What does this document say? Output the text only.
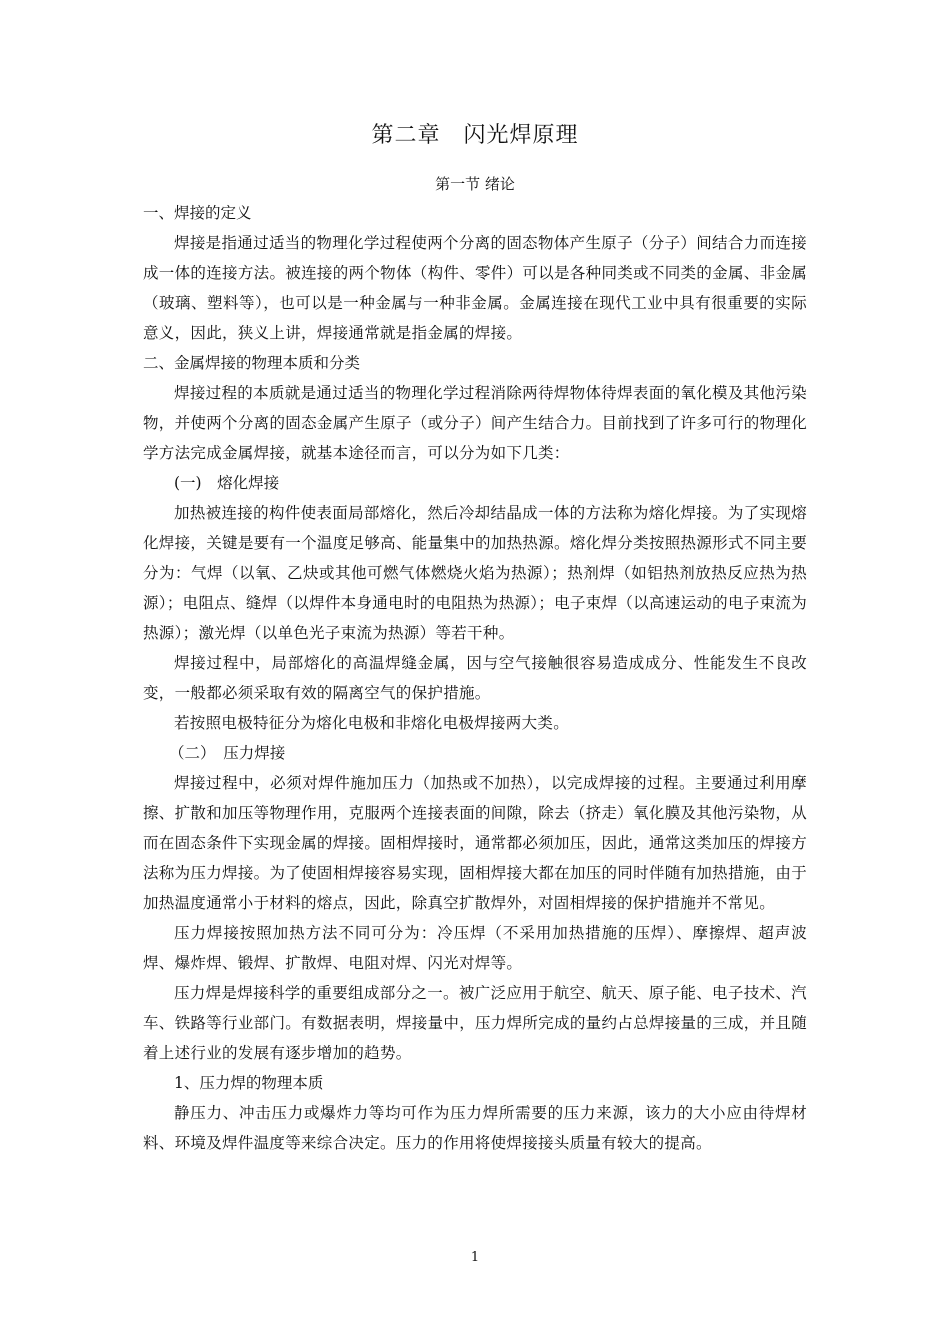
第二章　闪光焊原理
第一节 绪论

一、焊接的定义

焊接是指通过适当的物理化学过程使两个分离的固态物体产生原子（分子）间结合力而连接成一体的连接方法。被连接的两个物体（构件、零件）可以是各种同类或不同类的金属、非金属（玻璃、塑料等），也可以是一种金属与一种非金属。金属连接在现代工业中具有很重要的实际意义，因此，狭义上讲，焊接通常就是指金属的焊接。

二、金属焊接的物理本质和分类

焊接过程的本质就是通过适当的物理化学过程消除两待焊物体待焊表面的氧化模及其他污染物，并使两个分离的固态金属产生原子（或分子）间产生结合力。目前找到了许多可行的物理化学方法完成金属焊接，就基本途径而言，可以分为如下几类：

(一)　熔化焊接

加热被连接的构件使表面局部熔化，然后冷却结晶成一体的方法称为熔化焊接。为了实现熔化焊接，关键是要有一个温度足够高、能量集中的加热热源。熔化焊分类按照热源形式不同主要分为：气焊（以氧、乙炔或其他可燃气体燃烧火焰为热源）；热剂焊（如铝热剂放热反应热为热源）；电阻点、缝焊（以焊件本身通电时的电阻热为热源）；电子束焊（以高速运动的电子束流为热源）；激光焊（以单色光子束流为热源）等若干种。

焊接过程中，局部熔化的高温焊缝金属，因与空气接触很容易造成成分、性能发生不良改变，一般都必须采取有效的隔离空气的保护措施。

若按照电极特征分为熔化电极和非熔化电极焊接两大类。

（二）　压力焊接

焊接过程中，必须对焊件施加压力（加热或不加热），以完成焊接的过程。主要通过利用摩擦、扩散和加压等物理作用，克服两个连接表面的间隙，除去（挤走）氧化膜及其他污染物，从而在固态条件下实现金属的焊接。固相焊接时，通常都必须加压，因此，通常这类加压的焊接方法称为压力焊接。为了使固相焊接容易实现，固相焊接大都在加压的同时伴随有加热措施，由于加热温度通常小于材料的熔点，因此，除真空扩散焊外，对固相焊接的保护措施并不常见。

压力焊接按照加热方法不同可分为：冷压焊（不采用加热措施的压焊）、摩擦焊、超声波焊、爆炸焊、锻焊、扩散焊、电阻对焊、闪光对焊等。

压力焊是焊接科学的重要组成部分之一。被广泛应用于航空、航天、原子能、电子技术、汽车、铁路等行业部门。有数据表明，焊接量中，压力焊所完成的量约占总焊接量的三成，并且随着上述行业的发展有逐步增加的趋势。

1、压力焊的物理本质

静压力、冲击压力或爆炸力等均可作为压力焊所需要的压力来源，该力的大小应由待焊材料、环境及焊件温度等来综合决定。压力的作用将使焊接接头质量有较大的提高。

1
